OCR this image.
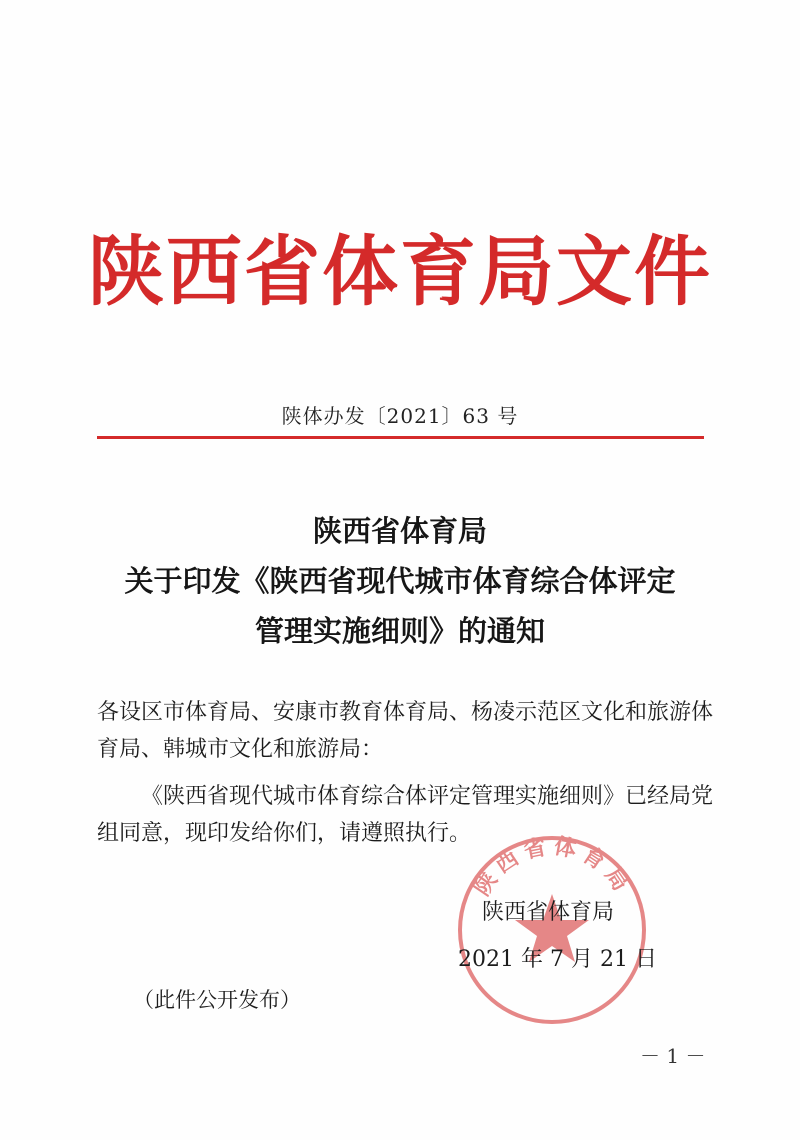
陕西省体育局文件
陕体办发〔2021〕63 号
陕西省体育局
关于印发《陕西省现代城市体育综合体评定
管理实施细则》的通知
各设区市体育局、安康市教育体育局、杨凌示范区文化和旅游体
育局、韩城市文化和旅游局：
《陕西省现代城市体育综合体评定管理实施细则》已经局党
组同意，现印发给你们，请遵照执行。
陕西省体育局
陕西省体育局
2021 年 7 月 21 日
（此件公开发布）
－ 1 －
